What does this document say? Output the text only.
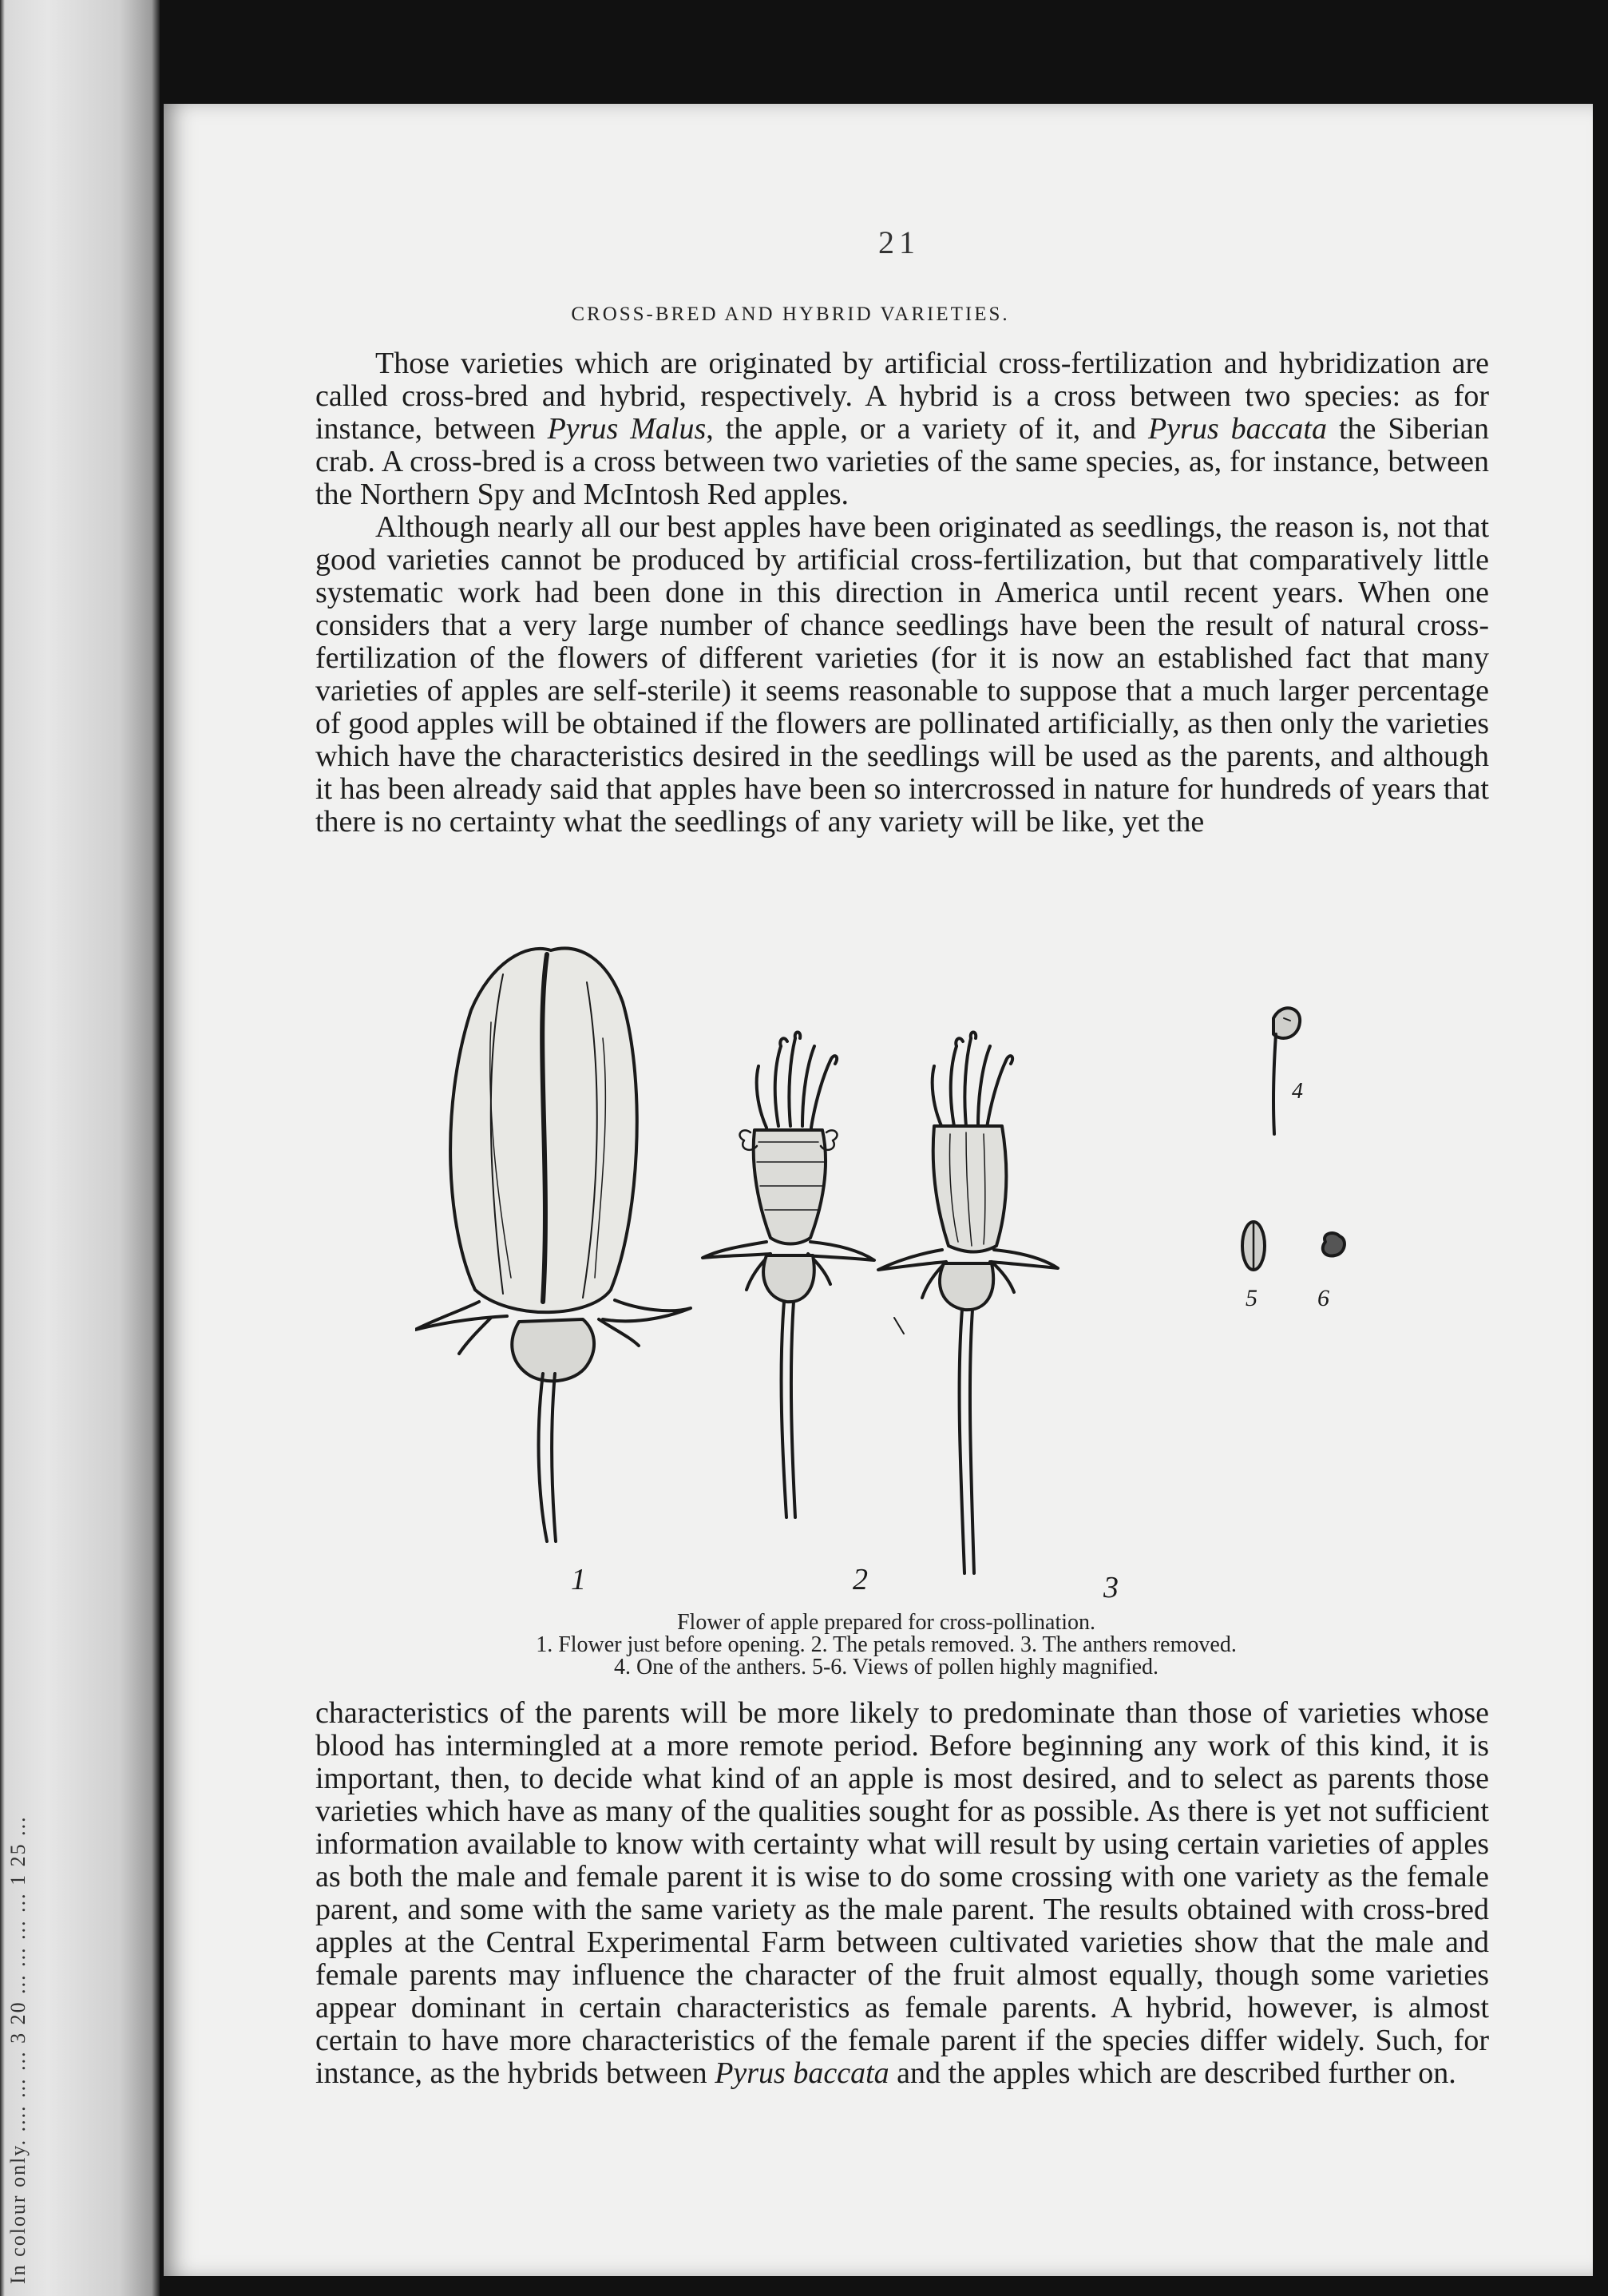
In colour only. .... ... ... 3 20 ... ... ... ... 1 25 ...
21
CROSS-BRED AND HYBRID VARIETIES.

Those varieties which are originated by artificial cross-fertilization and hybridization are called cross-bred and hybrid, respectively. A hybrid is a cross between two species: as for instance, between Pyrus Malus, the apple, or a variety of it, and Pyrus baccata the Siberian crab. A cross-bred is a cross between two varieties of the same species, as, for instance, between the Northern Spy and McIntosh Red apples.

Although nearly all our best apples have been originated as seedlings, the reason is, not that good varieties cannot be produced by artificial cross-fertilization, but that comparatively little systematic work had been done in this direction in America until recent years. When one considers that a very large number of chance seedlings have been the result of natural cross-fertilization of the flowers of different varieties (for it is now an established fact that many varieties of apples are self-sterile) it seems reasonable to suppose that a much larger percentage of good apples will be obtained if the flowers are pollinated artificially, as then only the varieties which have the characteristics desired in the seedlings will be used as the parents, and although it has been already said that apples have been so intercrossed in nature for hundreds of years that there is no certainty what the seedlings of any variety will be like, yet the

1	2	3
4
5	6
Flower of apple prepared for cross-pollination.
1. Flower just before opening. 2. The petals removed. 3. The anthers removed.
4. One of the anthers. 5-6. Views of pollen highly magnified.

characteristics of the parents will be more likely to predominate than those of varieties whose blood has intermingled at a more remote period. Before beginning any work of this kind, it is important, then, to decide what kind of an apple is most desired, and to select as parents those varieties which have as many of the qualities sought for as possible. As there is yet not sufficient information available to know with certainty what will result by using certain varieties of apples as both the male and female parent it is wise to do some crossing with one variety as the female parent, and some with the same variety as the male parent. The results obtained with cross-bred apples at the Central Experimental Farm between cultivated varieties show that the male and female parents may influence the character of the fruit almost equally, though some varieties appear dominant in certain characteristics as female parents. A hybrid, however, is almost certain to have more characteristics of the female parent if the species differ widely. Such, for instance, as the hybrids between Pyrus baccata and the apples which are described further on.
